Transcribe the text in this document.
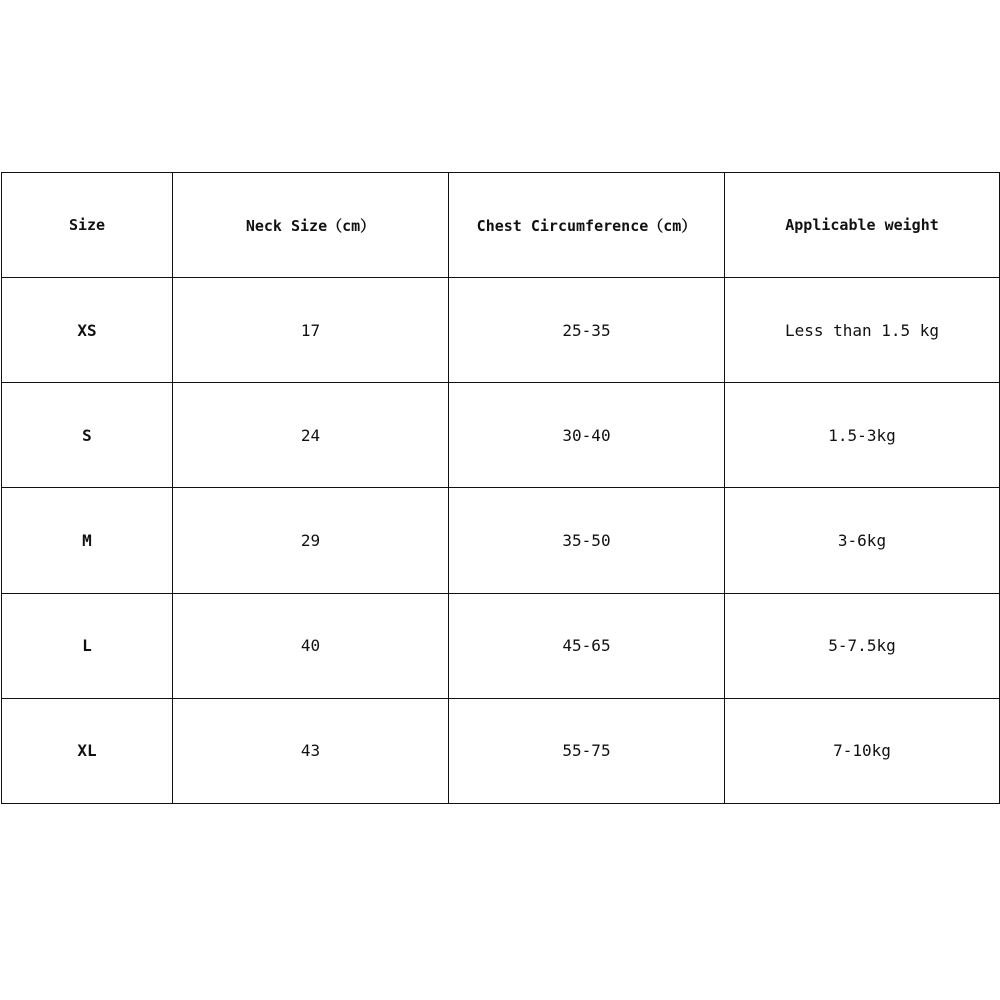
Size	Neck Size（cm）	Chest Circumference（cm）	Applicable weight
XS	17	25-35	Less than 1.5 kg
S	24	30-40	1.5-3kg
M	29	35-50	3-6kg
L	40	45-65	5-7.5kg
XL	43	55-75	7-10kg
